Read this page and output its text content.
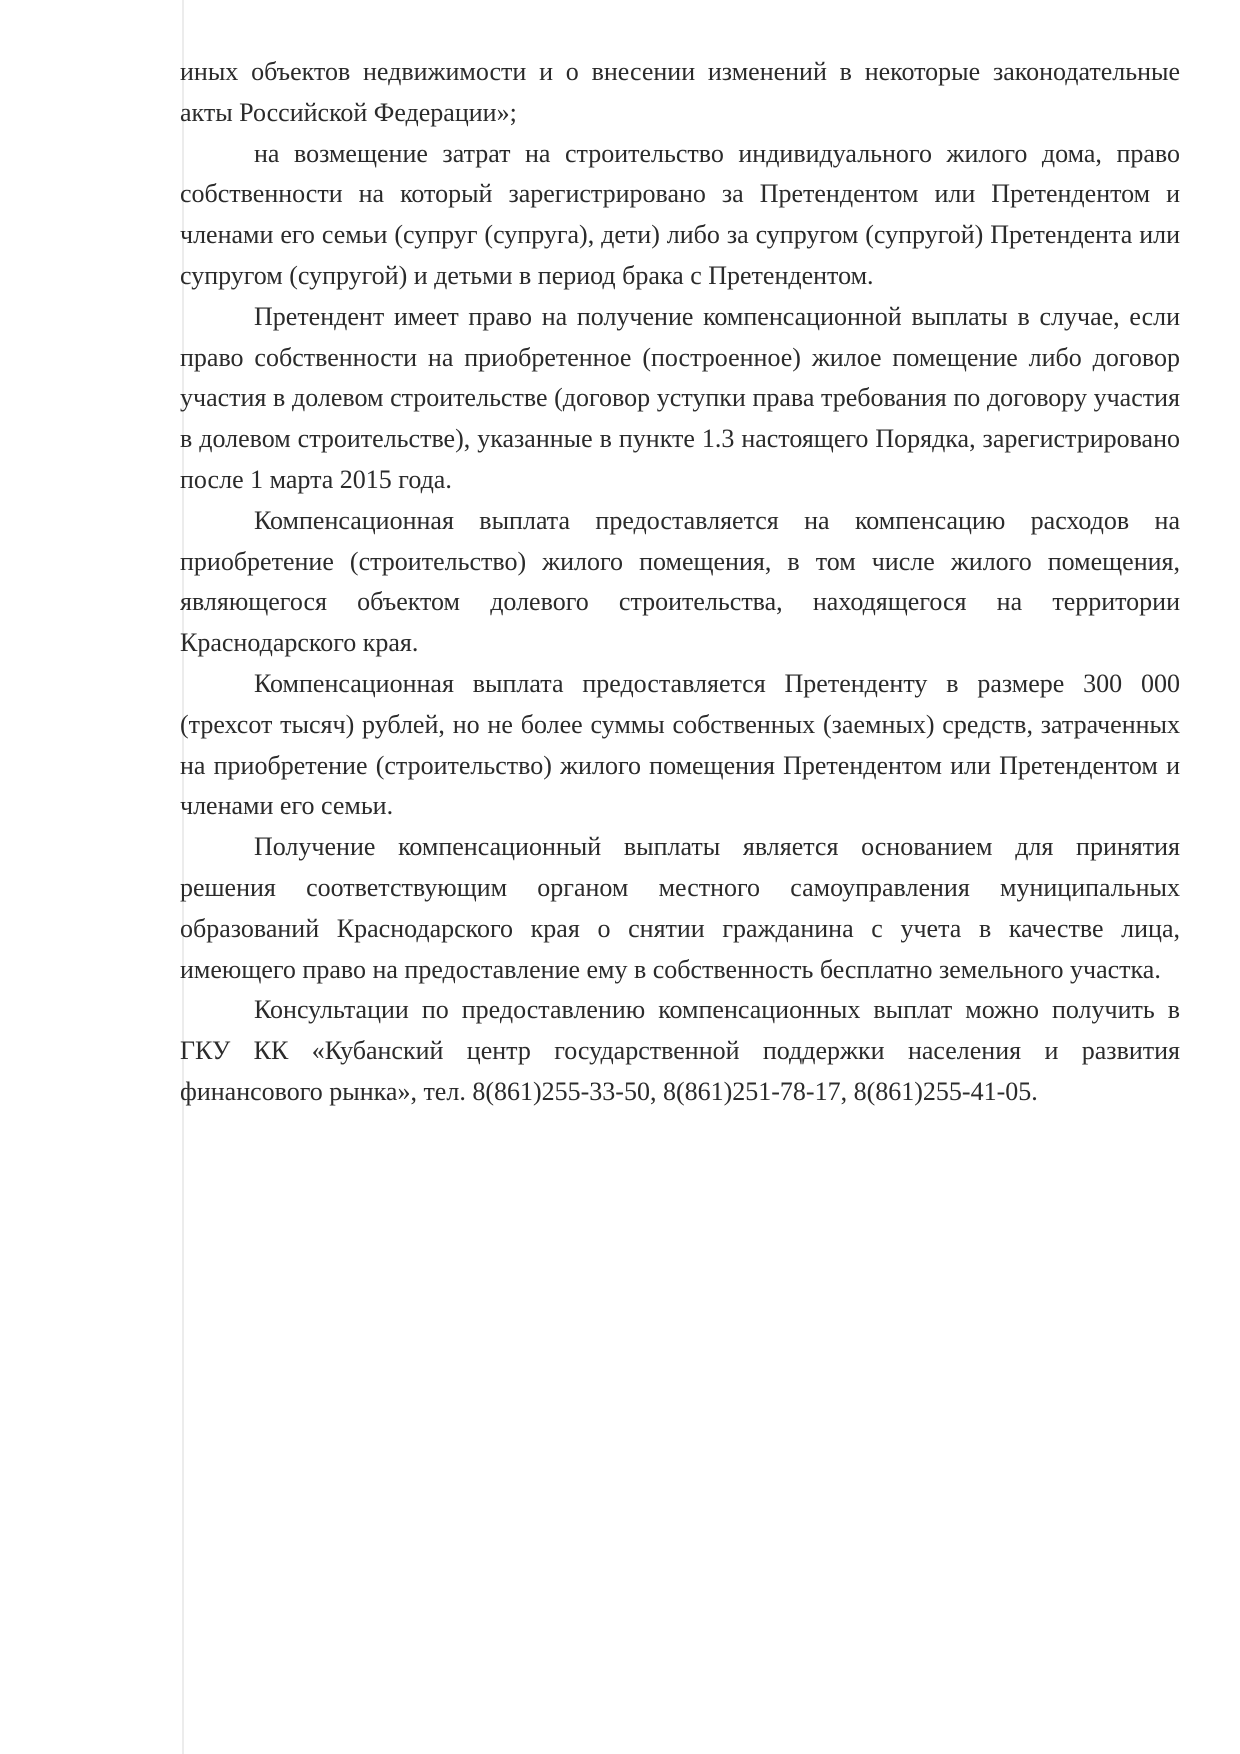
иных объектов недвижимости и о внесении изменений в некоторые законодательные акты Российской Федерации»;

на возмещение затрат на строительство индивидуального жилого дома, право собственности на который зарегистрировано за Претендентом или Претендентом и членами его семьи (супруг (супруга), дети) либо за супругом (супругой) Претендента или супругом (супругой) и детьми в период брака с Претендентом.

Претендент имеет право на получение компенсационной выплаты в случае, если право собственности на приобретенное (построенное) жилое помещение либо договор участия в долевом строительстве (договор уступки права требования по договору участия в долевом строительстве), указанные в пункте 1.3 настоящего Порядка, зарегистрировано после 1 марта 2015 года.

Компенсационная выплата предоставляется на компенсацию расходов на приобретение (строительство) жилого помещения, в том числе жилого помещения, являющегося объектом долевого строительства, находящегося на территории Краснодарского края.

Компенсационная выплата предоставляется Претенденту в размере 300 000 (трехсот тысяч) рублей, но не более суммы собственных (заемных) средств, затраченных на приобретение (строительство) жилого помещения Претендентом или Претендентом и членами его семьи.

Получение компенсационный выплаты является основанием для принятия решения соответствующим органом местного самоуправления муниципальных образований Краснодарского края о снятии гражданина с учета в качестве лица, имеющего право на предоставление ему в собственность бесплатно земельного участка.

Консультации по предоставлению компенсационных выплат можно получить в ГКУ КК «Кубанский центр государственной поддержки населения и развития финансового рынка», тел. 8(861)255-33-50, 8(861)251-78-17, 8(861)255-41-05.
